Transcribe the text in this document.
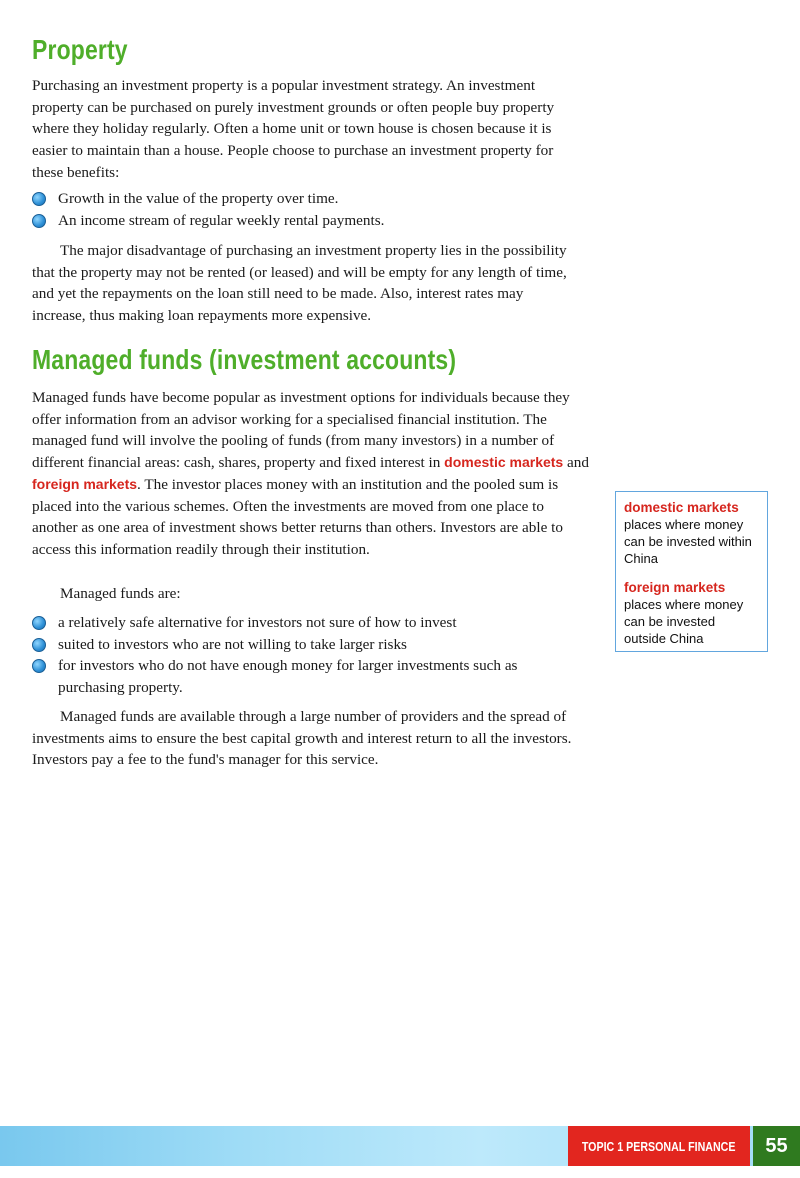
Property

Purchasing an investment property is a popular investment strategy. An investment property can be purchased on purely investment grounds or often people buy property where they holiday regularly. Often a home unit or town house is chosen because it is easier to maintain than a house. People choose to purchase an investment property for these benefits:

Growth in the value of the property over time.
An income stream of regular weekly rental payments.

The major disadvantage of purchasing an investment property lies in the possibility that the property may not be rented (or leased) and will be empty for any length of time, and yet the repayments on the loan still need to be made. Also, interest rates may increase, thus making loan repayments more expensive.

Managed funds (investment accounts)

Managed funds have become popular as investment options for individuals because they offer information from an advisor working for a specialised financial institution. The managed fund will involve the pooling of funds (from many investors) in a number of different financial areas: cash, shares, property and fixed interest in domestic markets and foreign markets. The investor places money with an institution and the pooled sum is placed into the various schemes. Often the investments are moved from one place to another as one area of investment shows better returns than others. Investors are able to access this information readily through their institution.

Managed funds are:

a relatively safe alternative for investors not sure of how to invest
suited to investors who are not willing to take larger risks
for investors who do not have enough money for larger investments such as purchasing property.

Managed funds are available through a large number of providers and the spread of investments aims to ensure the best capital growth and interest return to all the investors. Investors pay a fee to the fund's manager for this service.

domestic markets

places where money can be invested within China

foreign markets

places where money can be invested outside China

TOPIC 1 PERSONAL FINANCE	55
